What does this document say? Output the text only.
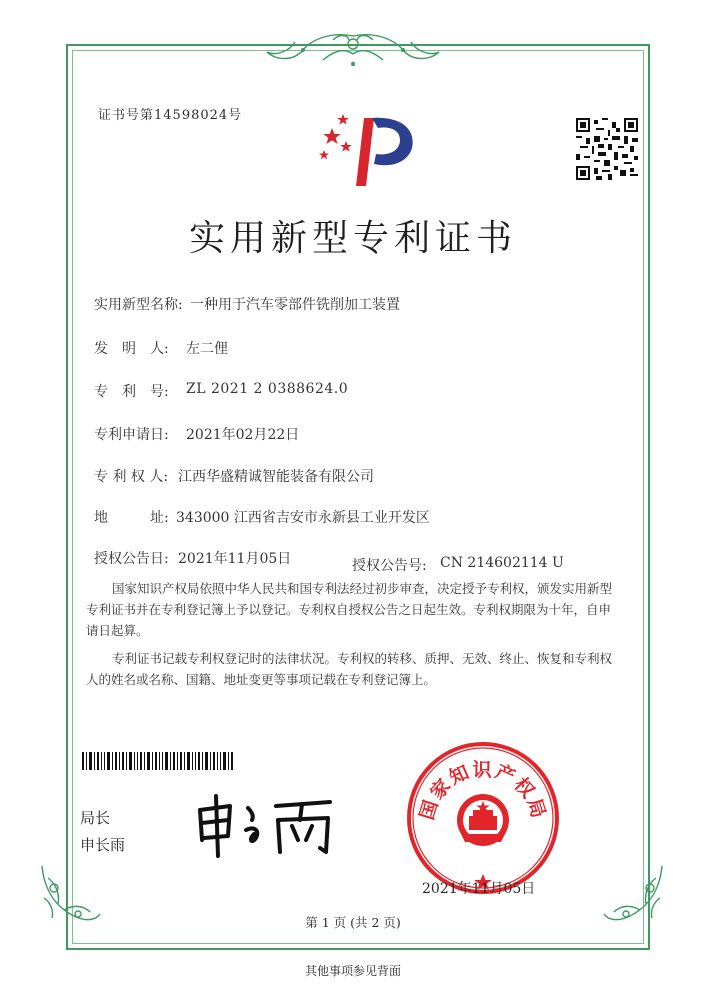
证书号第14598024号
实用新型专利证书
实用新型名称: 一种用于汽车零部件铣削加工装置
发　明　人: 左二俚
专　利　号: ZL 2021 2 0388624.0
专利申请日: 2021年02月22日
专 利 权 人: 江西华盛精诚智能装备有限公司
地	址: 343000 江西省吉安市永新县工业开发区
授权公告日: 2021年11月05日	授权公告号: CN 214602114 U
国家知识产权局依照中华人民共和国专利法经过初步审查，决定授予专利权，颁发实用新型专利证书并在专利登记簿上予以登记。专利权自授权公告之日起生效。专利权期限为十年，自申请日起算。
专利证书记载专利权登记时的法律状况。专利权的转移、质押、无效、终止、恢复和专利权人的姓名或名称、国籍、地址变更等事项记载在专利登记簿上。
局长
申长雨
国家知识产权局
2021年11月05日
第 1 页 (共 2 页)
其他事项参见背面
